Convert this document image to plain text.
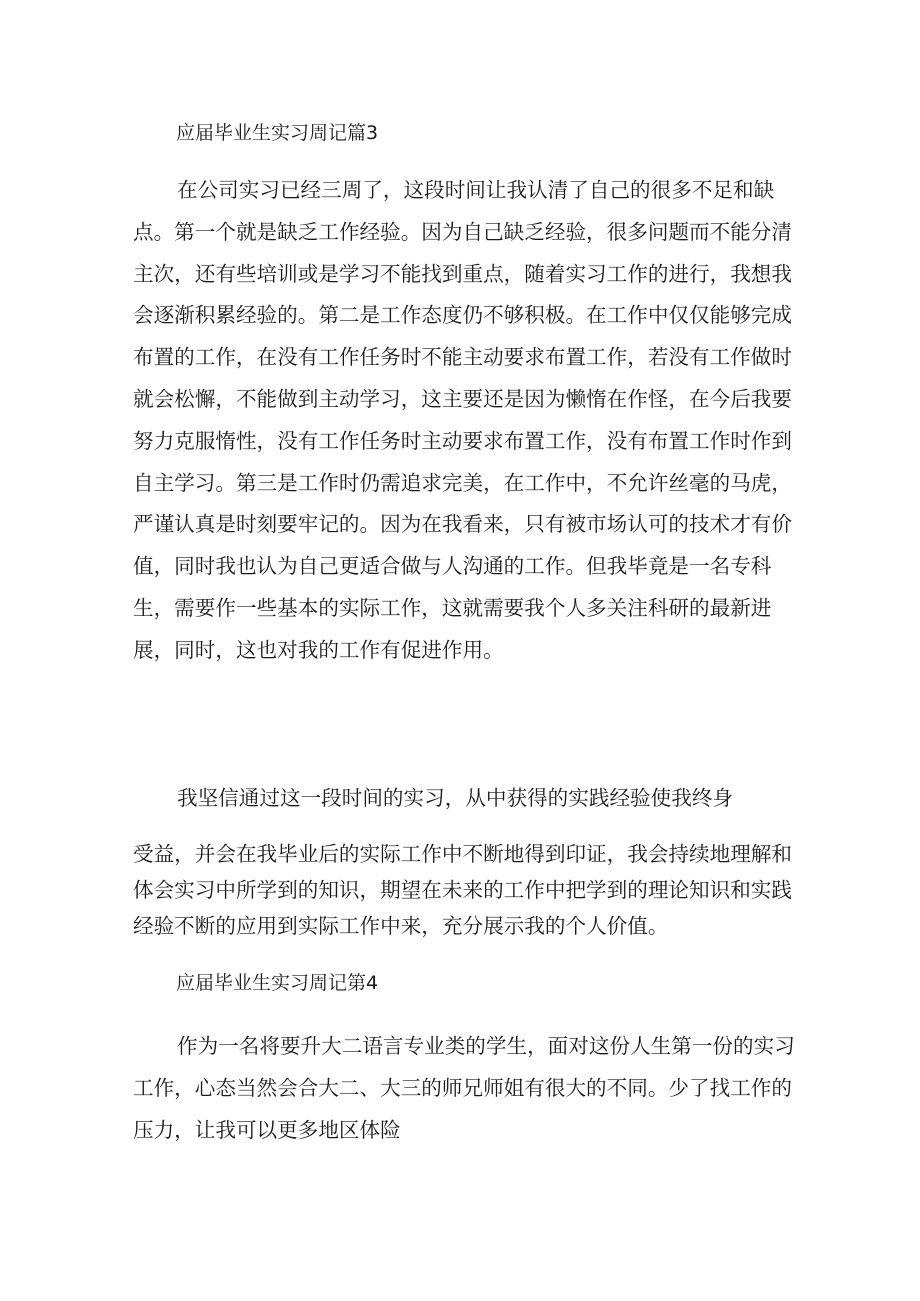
应届毕业生实习周记篇3

在公司实习已经三周了，这段时间让我认清了自己的很多不足和缺点。第一个就是缺乏工作经验。因为自己缺乏经验，很多问题而不能分清主次，还有些培训或是学习不能找到重点，随着实习工作的进行，我想我会逐渐积累经验的。第二是工作态度仍不够积极。在工作中仅仅能够完成布置的工作，在没有工作任务时不能主动要求布置工作，若没有工作做时就会松懈，不能做到主动学习，这主要还是因为懒惰在作怪，在今后我要努力克服惰性，没有工作任务时主动要求布置工作，没有布置工作时作到自主学习。第三是工作时仍需追求完美，在工作中，不允许丝毫的马虎，严谨认真是时刻要牢记的。因为在我看来，只有被市场认可的技术才有价值，同时我也认为自己更适合做与人沟通的工作。但我毕竟是一名专科生，需要作一些基本的实际工作，这就需要我个人多关注科研的最新进展，同时，这也对我的工作有促进作用。

我坚信通过这一段时间的实习，从中获得的实践经验使我终身

受益，并会在我毕业后的实际工作中不断地得到印证，我会持续地理解和体会实习中所学到的知识，期望在未来的工作中把学到的理论知识和实践经验不断的应用到实际工作中来，充分展示我的个人价值。

应届毕业生实习周记第4

作为一名将要升大二语言专业类的学生，面对这份人生第一份的实习工作，心态当然会合大二、大三的师兄师姐有很大的不同。少了找工作的压力，让我可以更多地区体险
